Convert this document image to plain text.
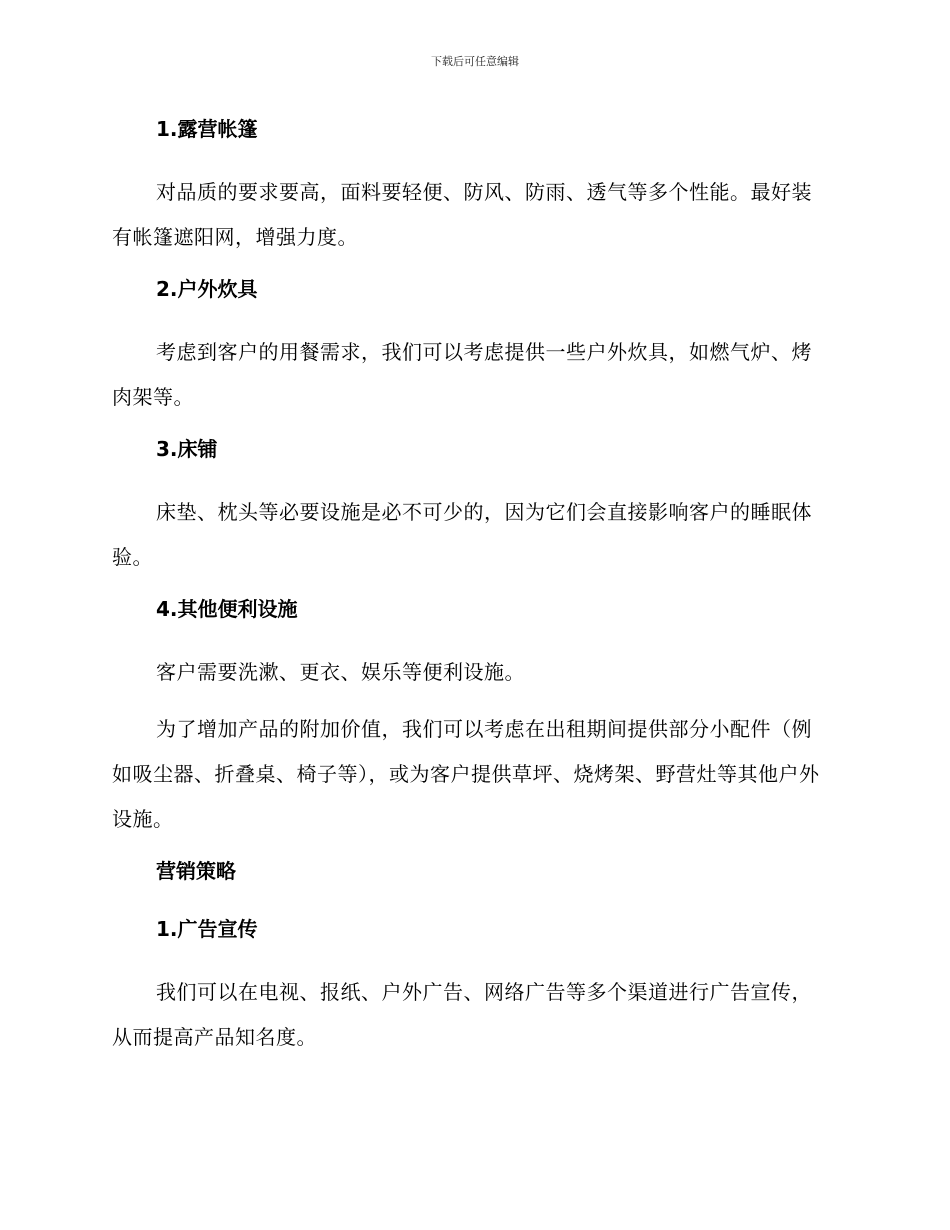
下载后可任意编辑
1.露营帐篷

对品质的要求要高，面料要轻便、防风、防雨、透气等多个性能。最好装有帐篷遮阳网，增强力度。

2.户外炊具

考虑到客户的用餐需求，我们可以考虑提供一些户外炊具，如燃气炉、烤肉架等。

3.床铺

床垫、枕头等必要设施是必不可少的，因为它们会直接影响客户的睡眠体验。

4.其他便利设施

客户需要洗漱、更衣、娱乐等便利设施。

为了增加产品的附加价值，我们可以考虑在出租期间提供部分小配件（例如吸尘器、折叠桌、椅子等），或为客户提供草坪、烧烤架、野营灶等其他户外设施。

营销策略
1.广告宣传

我们可以在电视、报纸、户外广告、网络广告等多个渠道进行广告宣传，从而提高产品知名度。
